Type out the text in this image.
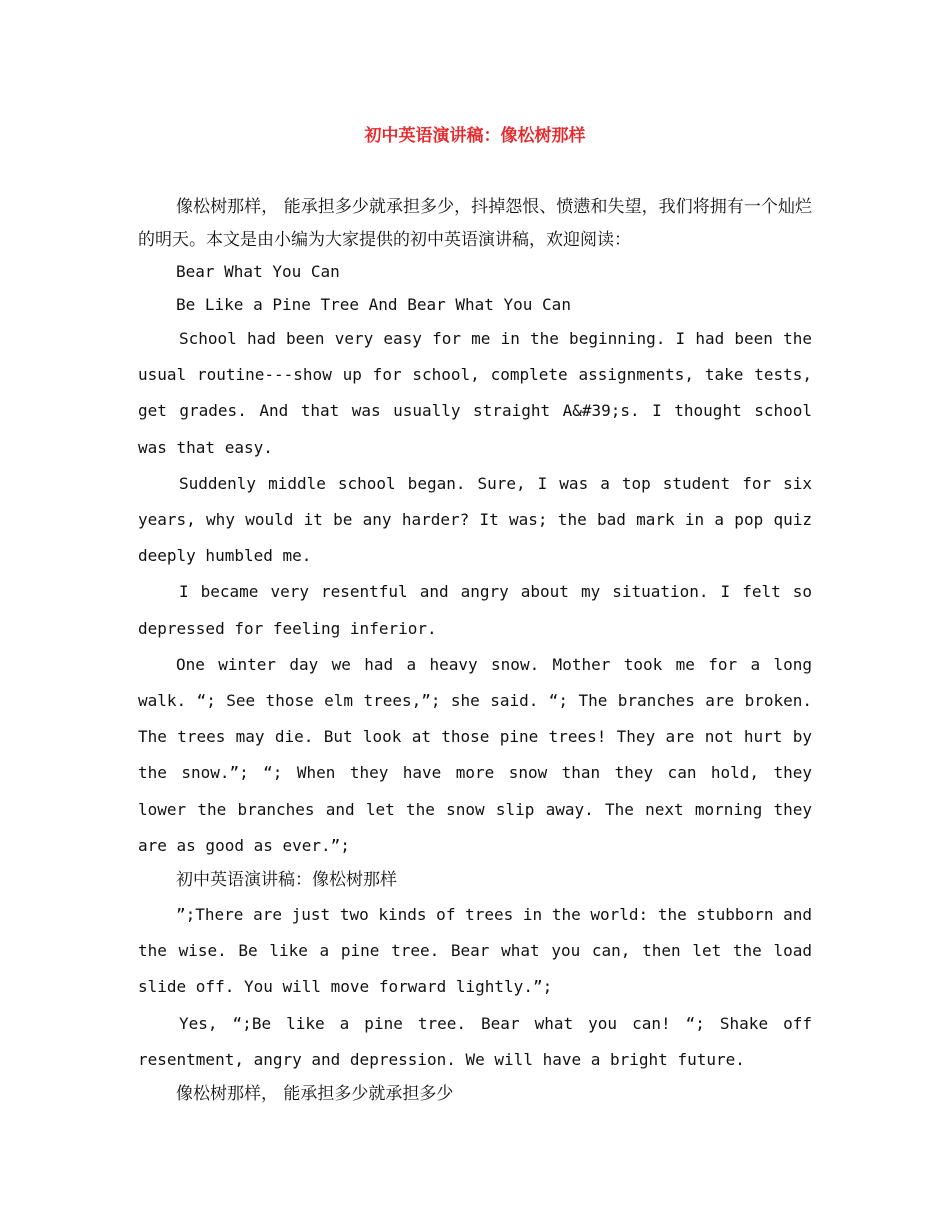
初中英语演讲稿：像松树那样

像松树那样， 能承担多少就承担多少，抖掉怨恨、愤懑和失望，我们将拥有一个灿烂的明天。本文是由小编为大家提供的初中英语演讲稿，欢迎阅读：

Bear What You Can

Be Like a Pine Tree And Bear What You Can

School had been very easy for me in the beginning. I had been the usual routine---show up for school, complete assignments, take tests, get grades. And that was usually straight A&#39;s. I thought school was that easy.

Suddenly middle school began. Sure, I was a top student for six years, why would it be any harder? It was; the bad mark in a pop quiz deeply humbled me.

I became very resentful and angry about my situation. I felt so depressed for feeling inferior.

One winter day we had a heavy snow. Mother took me for a long walk. “; See those elm trees,”; she said. “; The branches are broken. The trees may die. But look at those pine trees! They are not hurt by the snow.”; “; When they have more snow than they can hold, they lower the branches and let the snow slip away. The next morning they are as good as ever.”;

初中英语演讲稿：像松树那样

”;There are just two kinds of trees in the world: the stubborn and the wise. Be like a pine tree. Bear what you can, then let the load slide off. You will move forward lightly.”;

Yes, “;Be like a pine tree. Bear what you can! “; Shake off resentment, angry and depression. We will have a bright future.

像松树那样， 能承担多少就承担多少
